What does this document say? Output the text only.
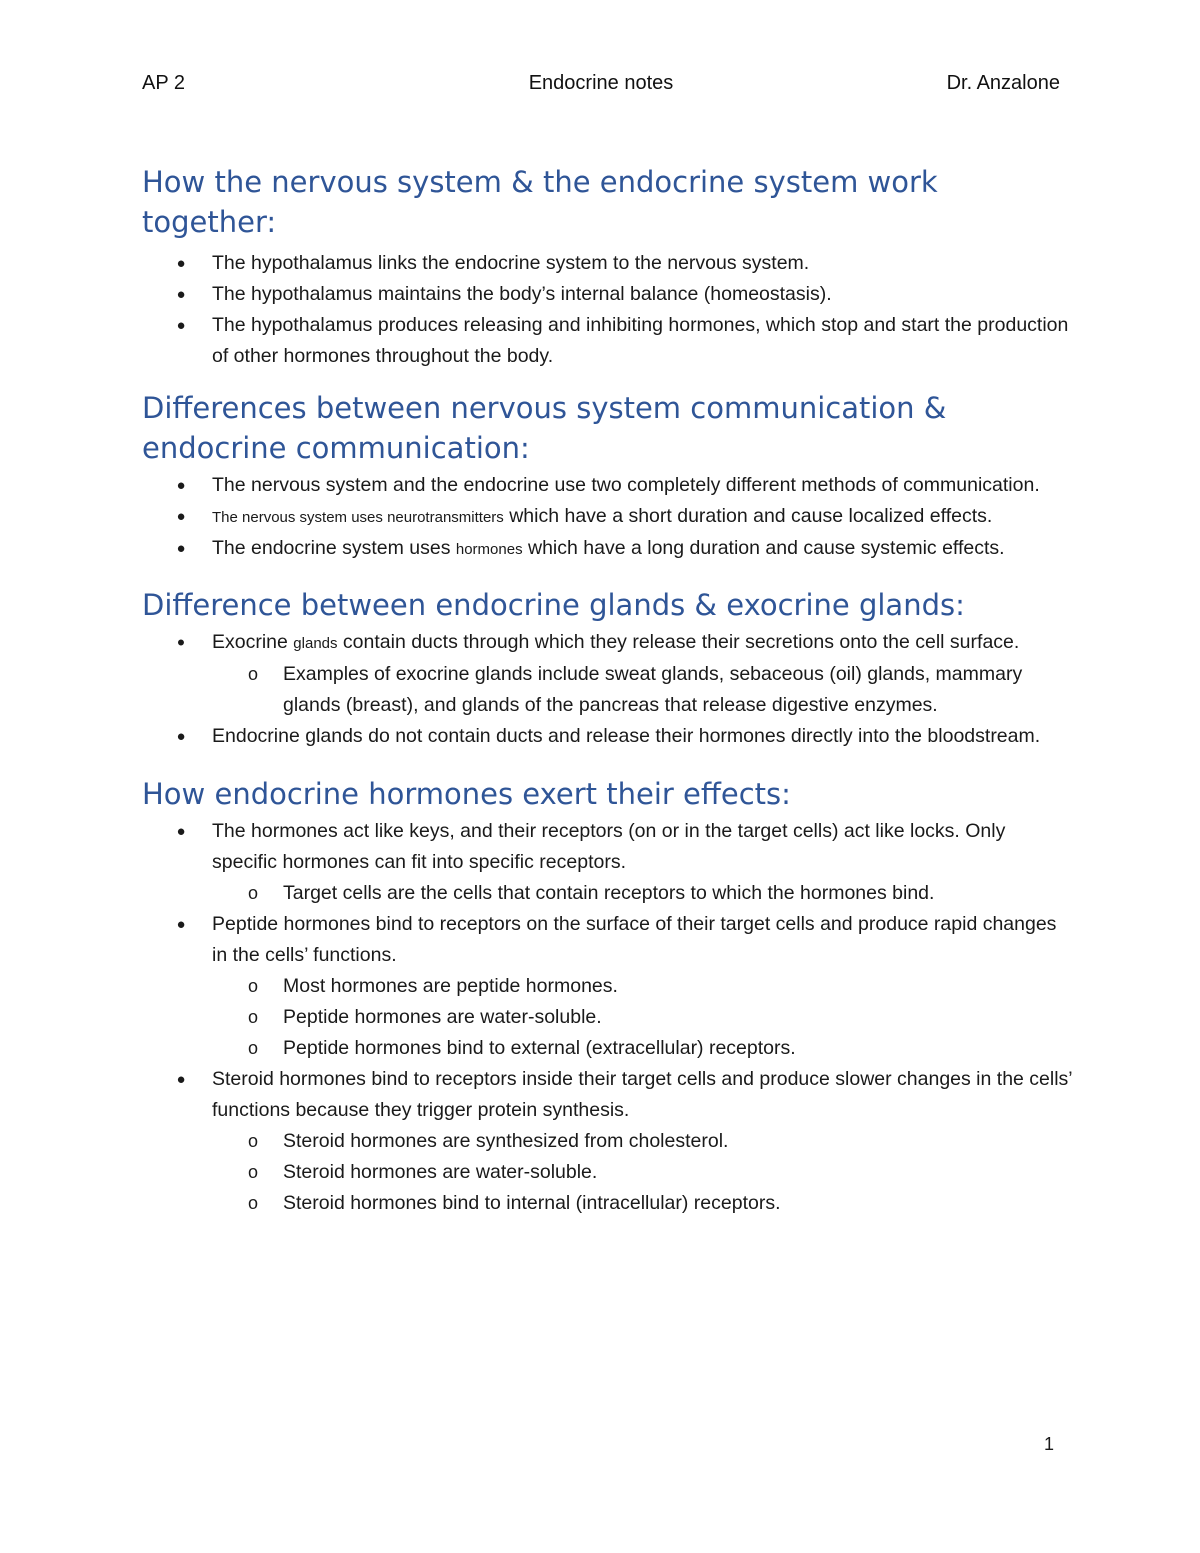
AP 2	Endocrine notes	Dr. Anzalone
How the nervous system & the endocrine system work together:
●
The hypothalamus links the endocrine system to the nervous system.
●
The hypothalamus maintains the body’s internal balance (homeostasis).
●
The hypothalamus produces releasing and inhibiting hormones, which stop and start the production of other hormones throughout the body.
Differences between nervous system communication & endocrine communication:
●
The nervous system and the endocrine use two completely different methods of communication.
●
The nervous system uses neurotransmitters which have a short duration and cause localized effects.
●
The endocrine system uses hormones which have a long duration and cause systemic effects.
Difference between endocrine glands & exocrine glands:
•
Exocrine glands contain ducts through which they release their secretions onto the cell surface.
o Examples of exocrine glands include sweat glands, sebaceous (oil) glands, mammary glands (breast), and glands of the pancreas that release digestive enzymes.
●
Endocrine glands do not contain ducts and release their hormones directly into the bloodstream.
How endocrine hormones exert their effects:
●
The hormones act like keys, and their receptors (on or in the target cells) act like locks. Only specific hormones can fit into specific receptors.
o Target cells are the cells that contain receptors to which the hormones bind.
●
Peptide hormones bind to receptors on the surface of their target cells and produce rapid changes in the cells’ functions.
o Most hormones are peptide hormones.
o Peptide hormones are water-soluble.
o Peptide hormones bind to external (extracellular) receptors.
●
Steroid hormones bind to receptors inside their target cells and produce slower changes in the cells’ functions because they trigger protein synthesis.
o Steroid hormones are synthesized from cholesterol.
o Steroid hormones are water-soluble.
o Steroid hormones bind to internal (intracellular) receptors.
1
